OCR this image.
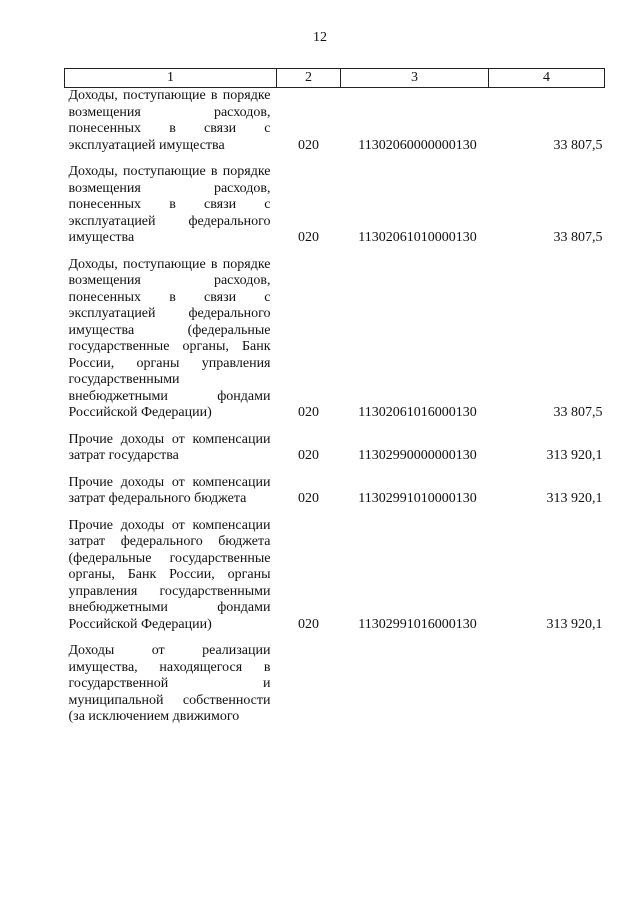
12
1	2	3	4
Доходы, поступающие в порядке возмещения расходов, понесенных в связи с эксплуатацией имущества	020	11302060000000130	33 807,5
Доходы, поступающие в порядке возмещения расходов, понесенных в связи с эксплуатацией федерального имущества	020	11302061010000130	33 807,5
Доходы, поступающие в порядке возмещения расходов, понесенных в связи с эксплуатацией федерального имущества (федеральные государственные органы, Банк России, органы управления государственными внебюджетными фондами Российской Федерации)	020	11302061016000130	33 807,5
Прочие доходы от компенсации затрат государства	020	11302990000000130	313 920,1
Прочие доходы от компенсации затрат федерального бюджета	020	11302991010000130	313 920,1
Прочие доходы от компенсации затрат федерального бюджета (федеральные государственные органы, Банк России, органы управления государственными внебюджетными фондами Российской Федерации)	020	11302991016000130	313 920,1
Доходы от реализации имущества, находящегося в государственной и муниципальной собственности (за исключением движимого			
